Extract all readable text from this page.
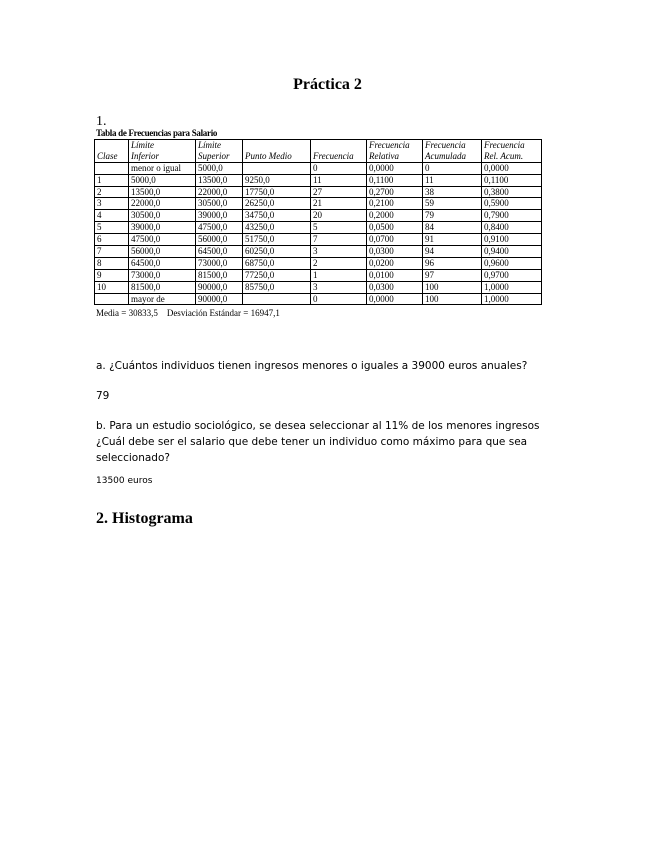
Práctica 2
1.
Tabla de Frecuencias para Salario
	Límite	Límite			Frecuencia	Frecuencia	Frecuencia
Clase	Inferior	Superior	Punto Medio	Frecuencia	Relativa	Acumulada	Rel. Acum.
	menor o igual	5000,0		0	0,0000	0	0,0000
1	5000,0	13500,0	9250,0	11	0,1100	11	0,1100
2	13500,0	22000,0	17750,0	27	0,2700	38	0,3800
3	22000,0	30500,0	26250,0	21	0,2100	59	0,5900
4	30500,0	39000,0	34750,0	20	0,2000	79	0,7900
5	39000,0	47500,0	43250,0	5	0,0500	84	0,8400
6	47500,0	56000,0	51750,0	7	0,0700	91	0,9100
7	56000,0	64500,0	60250,0	3	0,0300	94	0,9400
8	64500,0	73000,0	68750,0	2	0,0200	96	0,9600
9	73000,0	81500,0	77250,0	1	0,0100	97	0,9700
10	81500,0	90000,0	85750,0	3	0,0300	100	1,0000
	mayor de	90000,0		0	0,0000	100	1,0000
Media = 30833,5    Desviación Estándar = 16947,1
a. ¿Cuántos individuos tienen ingresos menores o iguales a 39000 euros anuales?
79
b. Para un estudio sociológico, se desea seleccionar al 11% de los menores ingresos ¿Cuál debe ser el salario que debe tener un individuo como máximo para que sea seleccionado?
13500 euros
2. Histograma
